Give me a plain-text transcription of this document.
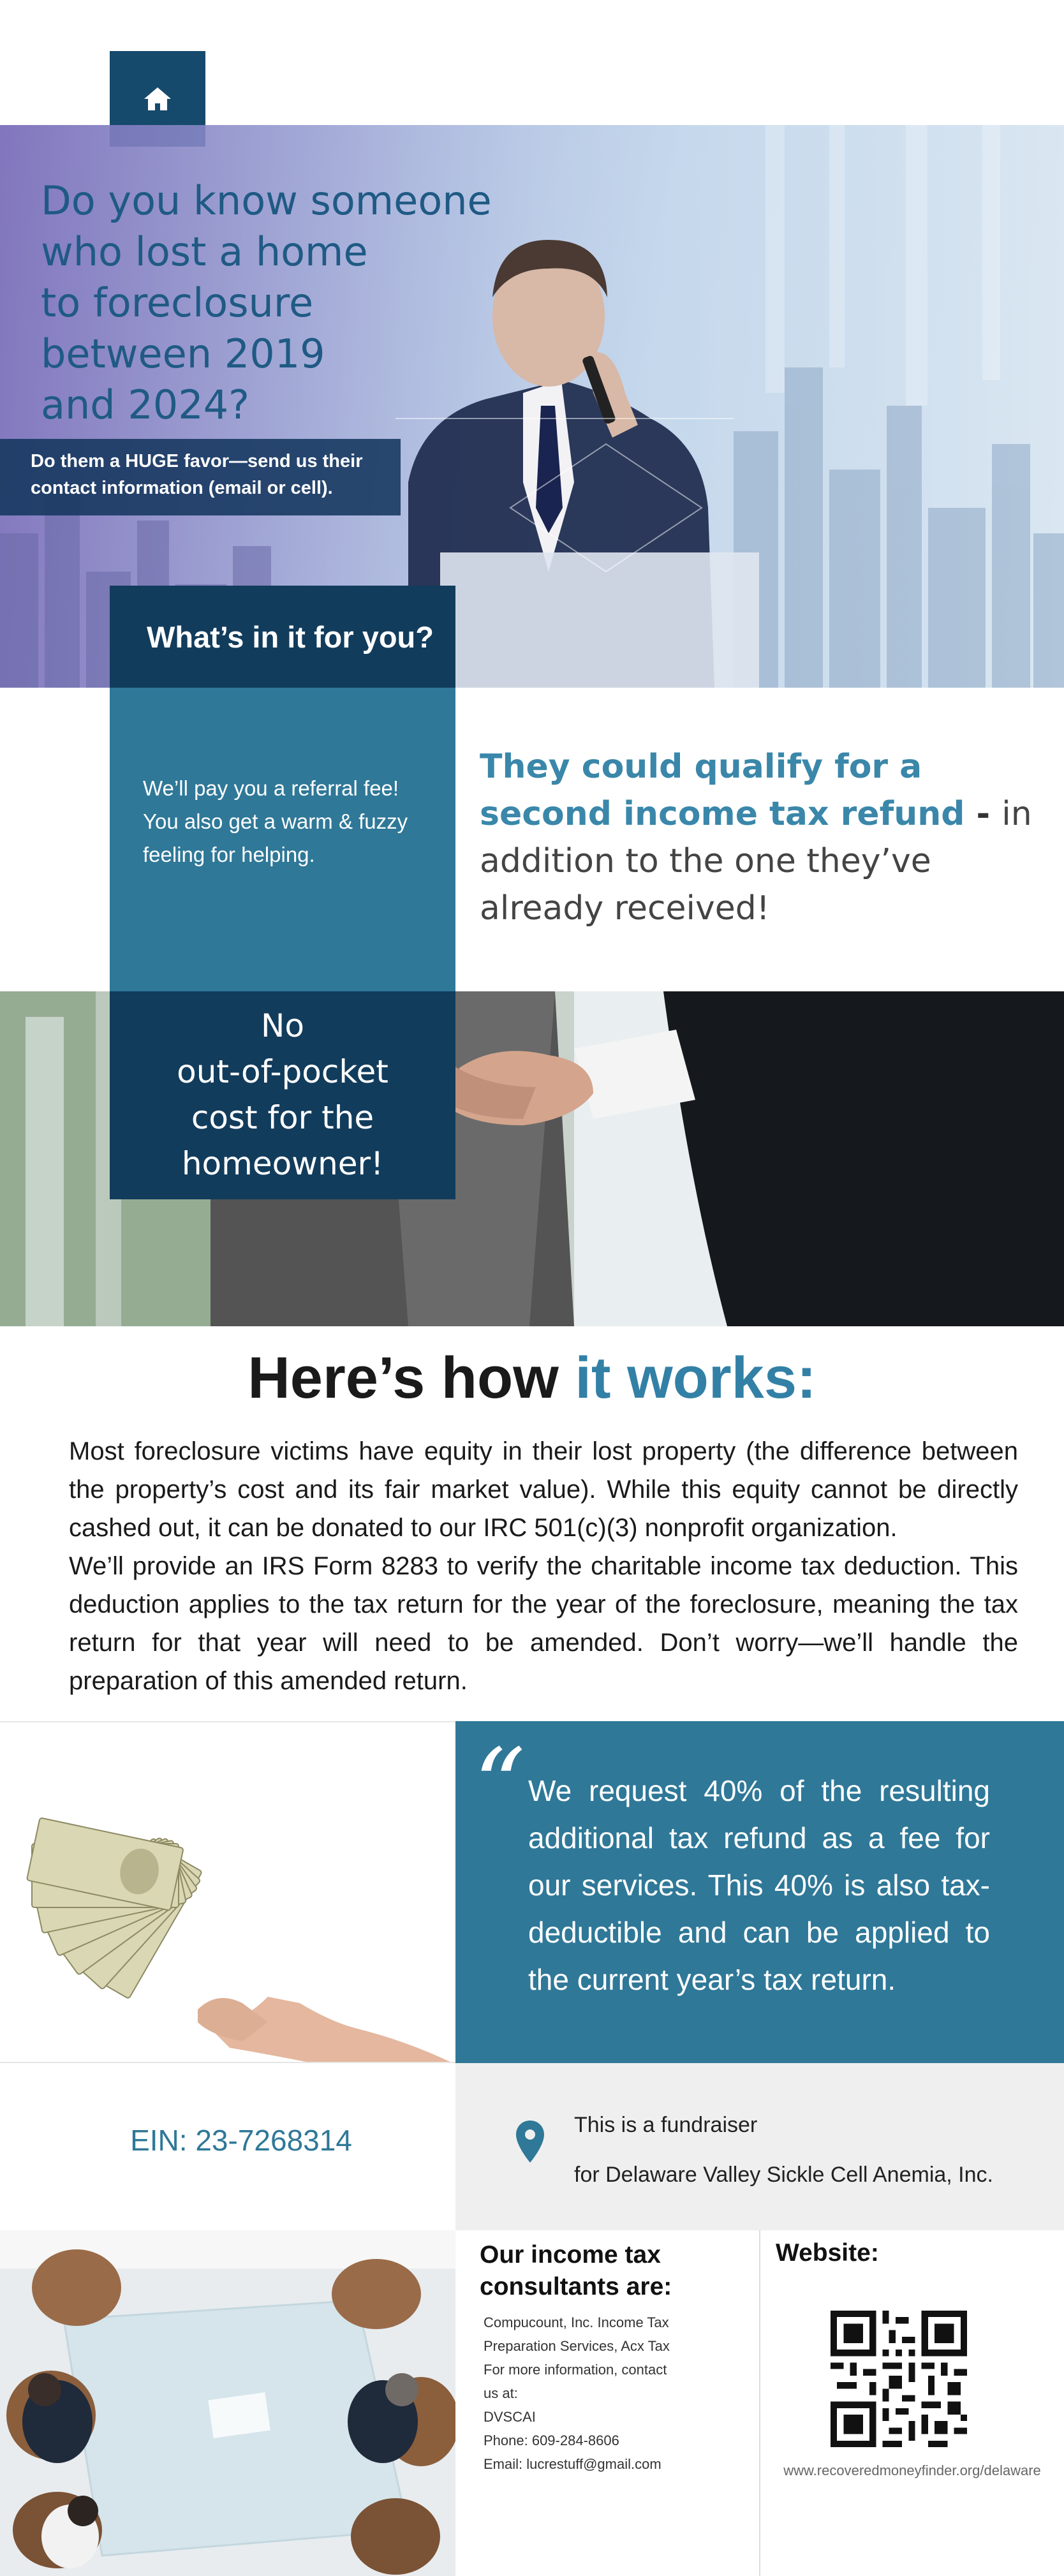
Do you know someone
who lost a home
to foreclosure
between 2019
and 2024?
Do them a HUGE favor—send us their contact information (email or cell).
What’s in it for you?
We’ll pay you a referral fee! You also get a warm & fuzzy feeling for helping.
They could qualify for a second income tax refund - in addition to the one they’ve already received!
No
out-of-pocket
cost for the
homeowner!
Here’s how it works:

Most foreclosure victims have equity in their lost property (the difference between the property’s cost and its fair market value). While this equity cannot be directly cashed out, it can be donated to our IRC 501(c)(3) nonprofit organization.

We’ll provide an IRS Form 8283 to verify the charitable income tax deduction. This deduction applies to the tax return for the year of the foreclosure, meaning the tax return for that year will need to be amended. Don’t worry—we’ll handle the preparation of this amended return.

“ We request 40% of the resulting additional tax refund as a fee for our services. This 40% is also tax-deductible and can be applied to the current year’s tax return.
EIN: 23-7268314	This is a fundraiser
for Delaware Valley Sickle Cell Anemia, Inc.
Our income tax consultants are:
Compucount, Inc. Income Tax
Preparation Services, Acx Tax
For more information, contact
us at:
DVSCAI
Phone: 609-284-8606
Email: lucrestuff@gmail.com
Website:
www.recoveredmoneyfinder.org/delaware
